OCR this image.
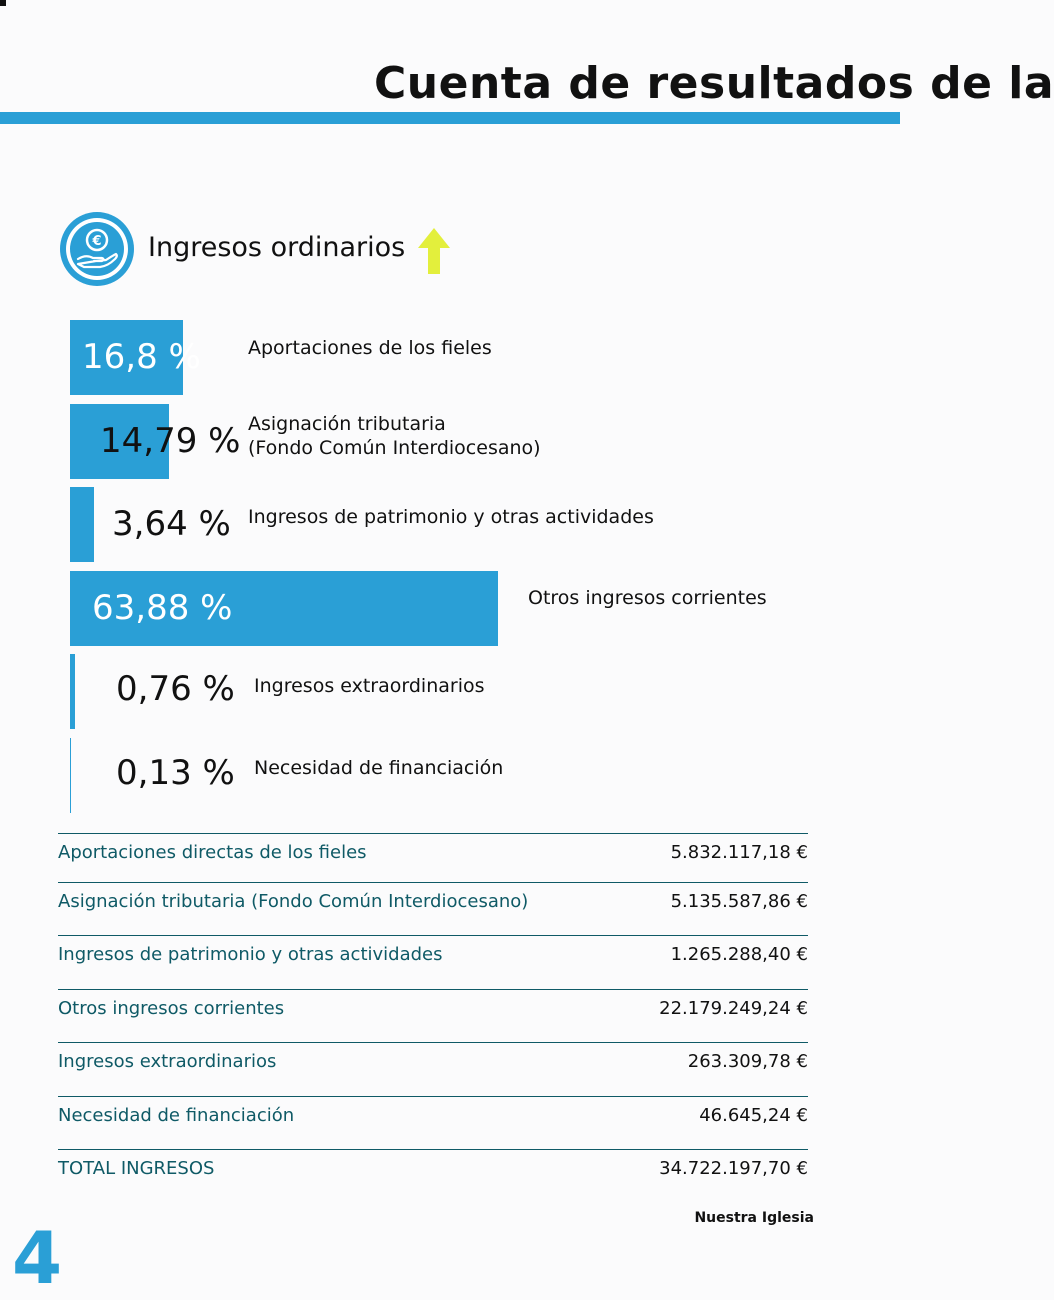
Cuenta de resultados de la
€ Ingresos ordinarios
Aportaciones directas de los fieles	5.832.117,18 €
Asignación tributaria (Fondo Común Interdiocesano)	5.135.587,86 €
Ingresos de patrimonio y otras actividades	1.265.288,40 €
Otros ingresos corrientes	22.179.249,24 €
Ingresos extraordinarios	263.309,78 €
Necesidad de financiación	46.645,24 €
TOTAL INGRESOS	34.722.197,70 €
Nuestra Iglesia
4
16,8 % Aportaciones de los fieles
14,79 % Asignación tributaria
(Fondo Común Interdiocesano)
3,64 % Ingresos de patrimonio y otras actividades
63,88 %	Otros ingresos corrientes
0,76 % Ingresos extraordinarios
0,13 % Necesidad de financiación
